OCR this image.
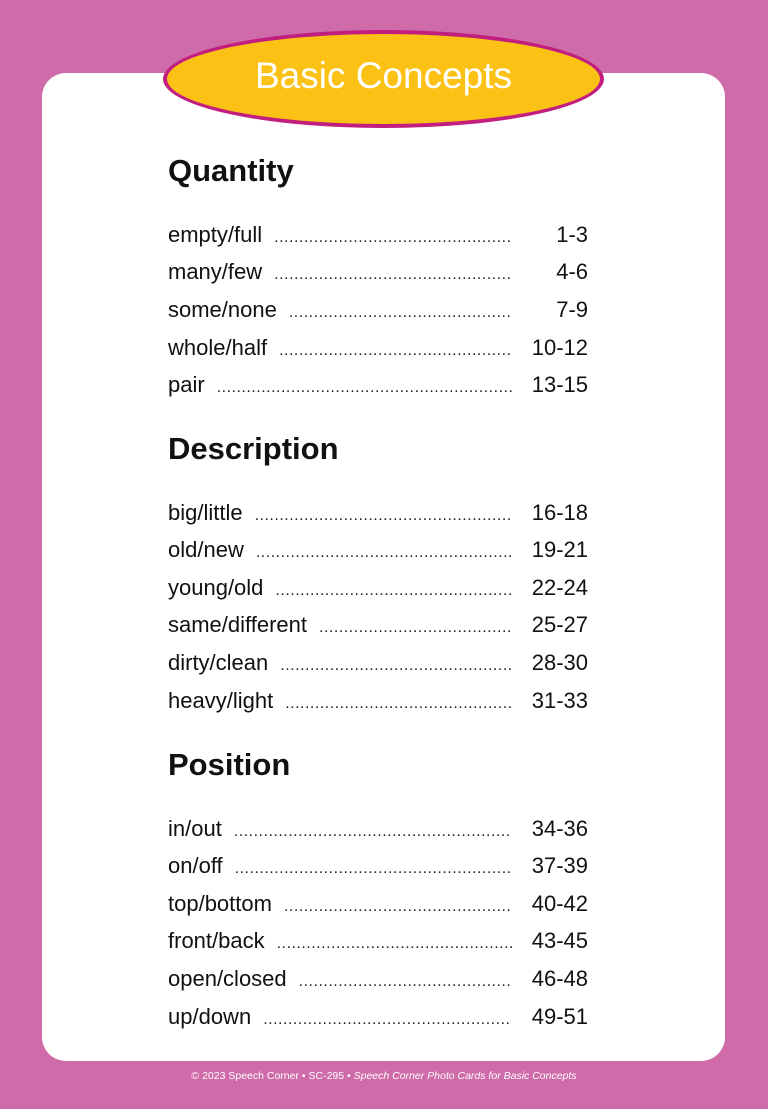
Basic Concepts
Quantity
empty/full .....	1-3
many/few .....	4-6
some/none .....	7-9
whole/half .....	10-12
pair .....	13-15
Description
big/little .....	16-18
old/new .....	19-21
young/old .....	22-24
same/different .....	25-27
dirty/clean .....	28-30
heavy/light .....	31-33
Position
in/out .....	34-36
on/off .....	37-39
top/bottom .....	40-42
front/back .....	43-45
open/closed .....	46-48
up/down .....	49-51
© 2023 Speech Corner • SC-295 • Speech Corner Photo Cards for Basic Concepts
